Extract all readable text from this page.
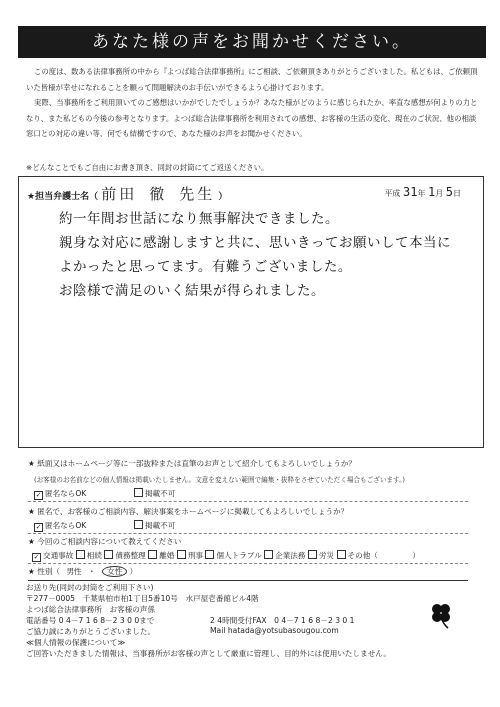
あなた様の声をお聞かせください。

この度は、数ある法律事務所の中から『よつば総合法律事務所』にご相談、ご依頼頂きありがとうございました。私どもは、ご依頼頂いた皆様が幸せになれることを願って問題解決のお手伝いができるよう心掛けております。

実際、当事務所をご利用頂いてのご感想はいかがでしたでしょうか？あなた様がどのように感じられたか、率直な感想が何よりの力となり、また私どもの今後の参考となります。よつば総合法律事務所を利用されての感想、お客様の生活の変化、現在のご状況、他の相談窓口との対応の違い等、何でも結構ですので、あなた様のお声をお聞かせください。

※どんなことでもご自由にお書き頂き、同封の封筒にてご返送ください。
★担当弁護士名（ 前田 徹 先生 ）	平成 31年 1月 5日
約一年間お世話になり無事解決できました。
親身な対応に感謝しますと共に、思いきってお願いして本当に
よかったと思ってます。有難うございました。
お陰様で満足のいく結果が得られました。
★ 紙面又はホームページ等に一部抜粋または直筆のお声として紹介してもよろしいでしょうか？
(お客様のお名前などの個人情報は掲載いたしません。文意を変えない範囲で編集・抜粋をさせていただく場合もございます。)
✓ 匿名ならOK	掲載不可
★ 匿名で、お客様のご相談内容、解決事案をホームページに掲載してもよろしいでしょうか？
✓ 匿名ならOK	掲載不可
★ 今回のご相談内容について教えてください
✓ 交通事故 相続 債務整理 離婚 刑事 個人トラブル 企業法務 労災 その他（	）
★ 性別（ 男性 ・ 女性 ）
お送り先(同封の封筒をご利用下さい)
〒277－0005　千葉県柏市柏1丁目5番10号　水戸屋壱番館ビル4階
よつば総合法律事務所　お客様の声係
電話番号 0 4－7 1 6 8－2 3 0 0まで
ご協力誠にありがとうございました。
≪個人情報の保護について≫
ご回答いただきました情報は、当事務所がお客様の声として厳重に管理し、目的外には使用いたしません。
2 4時間受付FAX　0 4－7 1 6 8－2 3 0 1
Mail hatada@yotsubasougou.com
